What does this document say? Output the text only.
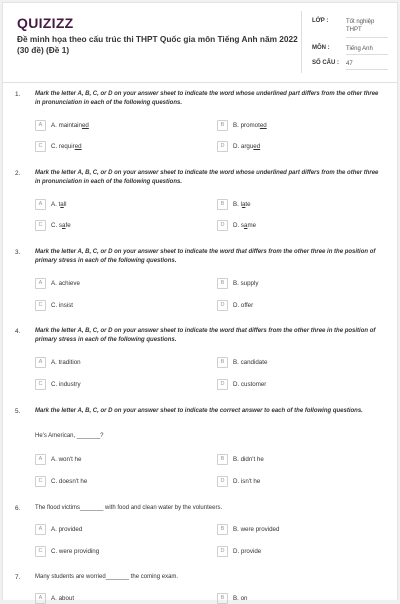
QUIZIZZ
Đề minh họa theo cấu trúc thi THPT Quốc gia môn Tiếng Anh năm 2022 (30 đề) (Đề 1)
LỚP :	Tốt nghiệp THPT
MÔN :	Tiếng Anh
SỐ CÂU : 47
1. Mark the letter A, B, C, or D on your answer sheet to indicate the word whose underlined part differs from the other three in pronunciation in each of the following questions.
A	A. maintained	B	B. promoted
C	C. required	D	D. argued
2. Mark the letter A, B, C, or D on your answer sheet to indicate the word whose underlined part differs from the other three in pronunciation in each of the following questions.
A	A. tall	B	B. late
C	C. safe	D	D. same
3. Mark the letter A, B, C, or D on your answer sheet to indicate the word that differs from the other three in the position of primary stress in each of the following questions.
A	A. achieve	B	B. supply
C	C. insist	D	D. offer
4. Mark the letter A, B, C, or D on your answer sheet to indicate the word that differs from the other three in the position of primary stress in each of the following questions.
A	A. tradition	B	B. candidate
C	C. industry	D	D. customer
5. Mark the letter A, B, C, or D on your answer sheet to indicate the correct answer to each of the following questions.
He's American, _______?
A	A. won't he	B	B. didn't he
C	C. doesn't he	D	D. isn't he
6. The flood victims_______ with food and clean water by the volunteers.
A	A. provided	B	B. were provided
C	C. were providing	D	D. provide
7. Many students are worried_______ the coming exam.
A	A. about	B	B. on
